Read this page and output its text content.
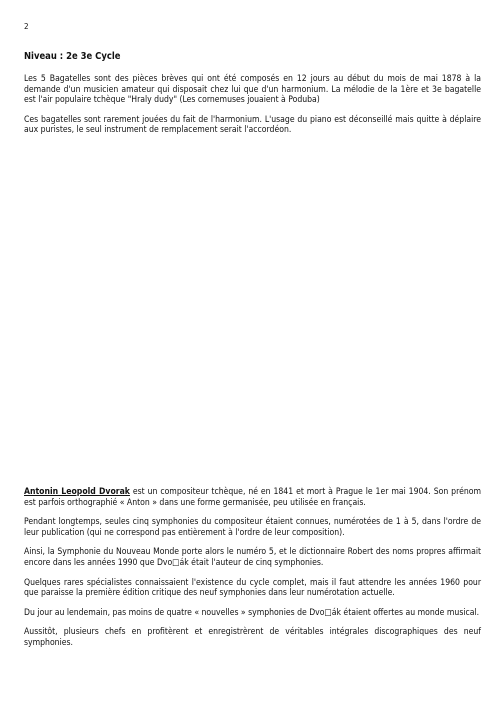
2
Niveau : 2e 3e Cycle

Les 5 Bagatelles sont des pièces brèves qui ont été composés en 12 jours au début du mois de mai 1878 à la demande d'un musicien amateur qui disposait chez lui que d'un harmonium. La mélodie de la 1ère et 3e bagatelle est l'air populaire tchèque "Hraly dudy" (Les cornemuses jouaient à Poduba)

Ces bagatelles sont rarement jouées du fait de l'harmonium. L'usage du piano est déconseillé mais quitte à déplaire aux puristes, le seul instrument de remplacement serait l'accordéon.

Antonin Leopold Dvorak est un compositeur tchèque, né en 1841 et mort à Prague le 1er mai 1904. Son prénom est parfois orthographié « Anton » dans une forme germanisée, peu utilisée en français.

Pendant longtemps, seules cinq symphonies du compositeur étaient connues, numérotées de 1 à 5, dans l'ordre de leur publication (qui ne correspond pas entièrement à l'ordre de leur composition).

Ainsi, la Symphonie du Nouveau Monde porte alors le numéro 5, et le dictionnaire Robert des noms propres affirmait encore dans les années 1990 que Dvo□ák était l'auteur de cinq symphonies.

Quelques rares spécialistes connaissaient l'existence du cycle complet, mais il faut attendre les années 1960 pour que paraisse la première édition critique des neuf symphonies dans leur numérotation actuelle.

Du jour au lendemain, pas moins de quatre « nouvelles » symphonies de Dvo□ák étaient offertes au monde musical.

Aussitôt, plusieurs chefs en profitèrent et enregistrèrent de véritables intégrales discographiques des neuf symphonies.
